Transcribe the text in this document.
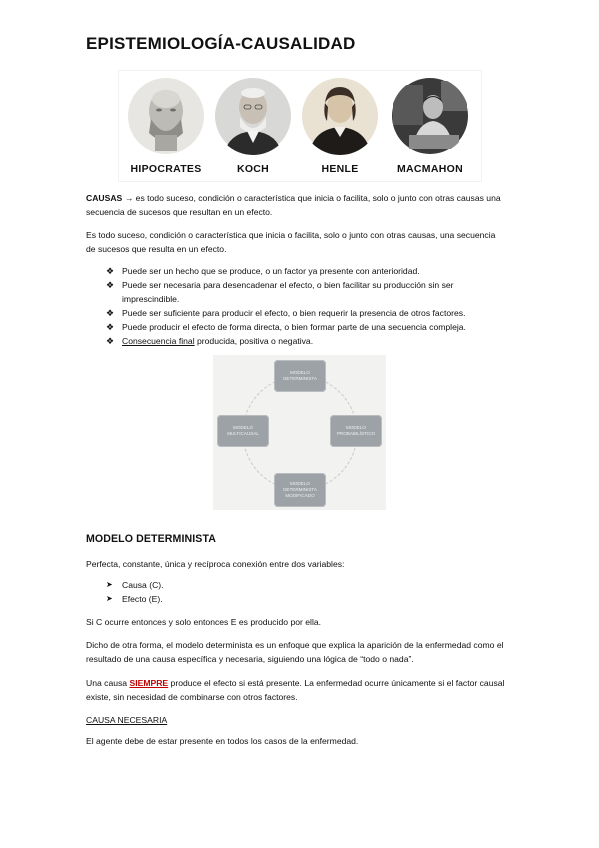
EPISTEMIOLOGÍA-CAUSALIDAD
HIPOCRATES	KOCH	HENLE	MACMAHON

CAUSAS → es todo suceso, condición o característica que inicia o facilita, solo o junto con otras causas una secuencia de sucesos que resultan en un efecto.

Es todo suceso, condición o característica que inicia o facilita, solo o junto con otras causas, una secuencia de sucesos que resulta en un efecto.

❖ Puede ser un hecho que se produce, o un factor ya presente con anterioridad.
❖ Puede ser necesaria para desencadenar el efecto, o bien facilitar su producción sin ser imprescindible.
❖ Puede ser suficiente para producir el efecto, o bien requerir la presencia de otros factores.
❖ Puede producir el efecto de forma directa, o bien formar parte de una secuencia compleja.
❖ Consecuencia final producida, positiva o negativa.
MODELO DETERMINISTA
MODELO PROBABILÍSTICO
MODELO DETERMINISTA MODIFICADO
MODELO MULTICAUSAL
MODELO DETERMINISTA

Perfecta, constante, única y recíproca conexión entre dos variables:

➤ Causa (C).
➤ Efecto (E).

Si C ocurre entonces y solo entonces E es producido por ella.

Dicho de otra forma, el modelo determinista es un enfoque que explica la aparición de la enfermedad como el resultado de una causa específica y necesaria, siguiendo una lógica de “todo o nada”.

Una causa SIEMPRE produce el efecto si está presente. La enfermedad ocurre únicamente si el factor causal existe, sin necesidad de combinarse con otros factores.

CAUSA NECESARIA

El agente debe de estar presente en todos los casos de la enfermedad.
